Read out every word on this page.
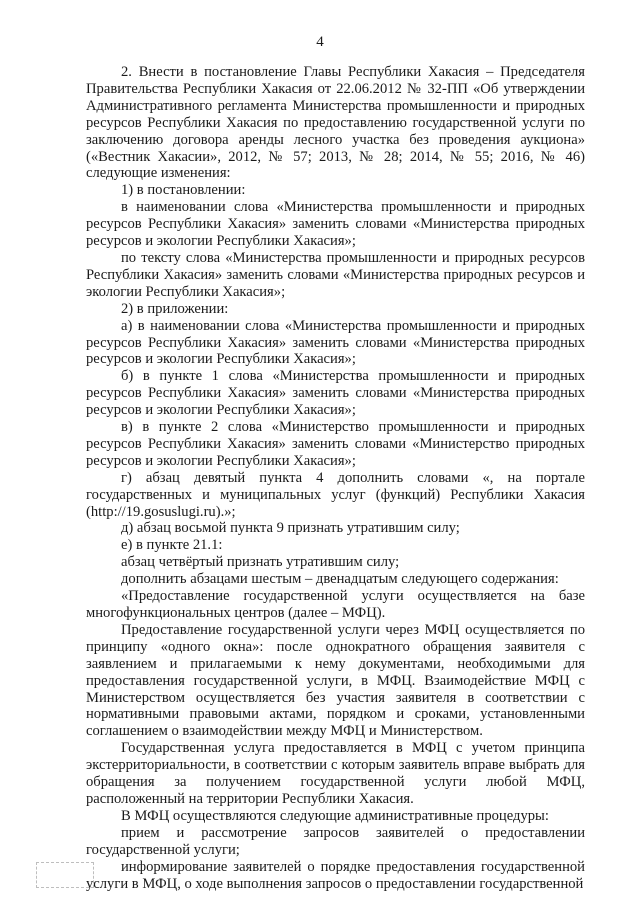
4

2. Внести в постановление Главы Республики Хакасия – Председателя Правительства Республики Хакасия от 22.06.2012 № 32-ПП «Об утверждении Административного регламента Министерства промышленности и природных ресурсов Республики Хакасия по предоставлению государственной услуги по заключению договора аренды лесного участка без проведения аукциона» («Вестник Хакасии», 2012, № 57; 2013, № 28; 2014, № 55; 2016, № 46) следующие изменения:

1) в постановлении:

в наименовании слова «Министерства промышленности и природных ресурсов Республики Хакасия» заменить словами «Министерства природных ресурсов и экологии Республики Хакасия»;

по тексту слова «Министерства промышленности и природных ресурсов Республики Хакасия» заменить словами «Министерства природных ресурсов и экологии Республики Хакасия»;

2) в приложении:

а) в наименовании слова «Министерства промышленности и природных ресурсов Республики Хакасия» заменить словами «Министерства природных ресурсов и экологии Республики Хакасия»;

б) в пункте 1 слова «Министерства промышленности и природных ресурсов Республики Хакасия» заменить словами «Министерства природных ресурсов и экологии Республики Хакасия»;

в) в пункте 2 слова «Министерство промышленности и природных ресурсов Республики Хакасия» заменить словами «Министерство природных ресурсов и экологии Республики Хакасия»;

г) абзац девятый пункта 4 дополнить словами «, на портале государственных и муниципальных услуг (функций) Республики Хакасия (http://19.gosuslugi.ru).»;

д) абзац восьмой пункта 9 признать утратившим силу;

е) в пункте 21.1:

абзац четвёртый признать утратившим силу;

дополнить абзацами шестым – двенадцатым следующего содержания:

«Предоставление государственной услуги осуществляется на базе многофункциональных центров (далее – МФЦ).

Предоставление государственной услуги через МФЦ осуществляется по принципу «одного окна»: после однократного обращения заявителя с заявлением и прилагаемыми к нему документами, необходимыми для предоставления государственной услуги, в МФЦ. Взаимодействие МФЦ с Министерством осуществляется без участия заявителя в соответствии с нормативными правовыми актами, порядком и сроками, установленными соглашением о взаимодействии между МФЦ и Министерством.

Государственная услуга предоставляется в МФЦ с учетом принципа экстерриториальности, в соответствии с которым заявитель вправе выбрать для обращения за получением государственной услуги любой МФЦ, расположенный на территории Республики Хакасия.

В МФЦ осуществляются следующие административные процедуры:

прием и рассмотрение запросов заявителей о предоставлении государственной услуги;

информирование заявителей о порядке предоставления государственной услуги в МФЦ, о ходе выполнения запросов о предоставлении государственной
